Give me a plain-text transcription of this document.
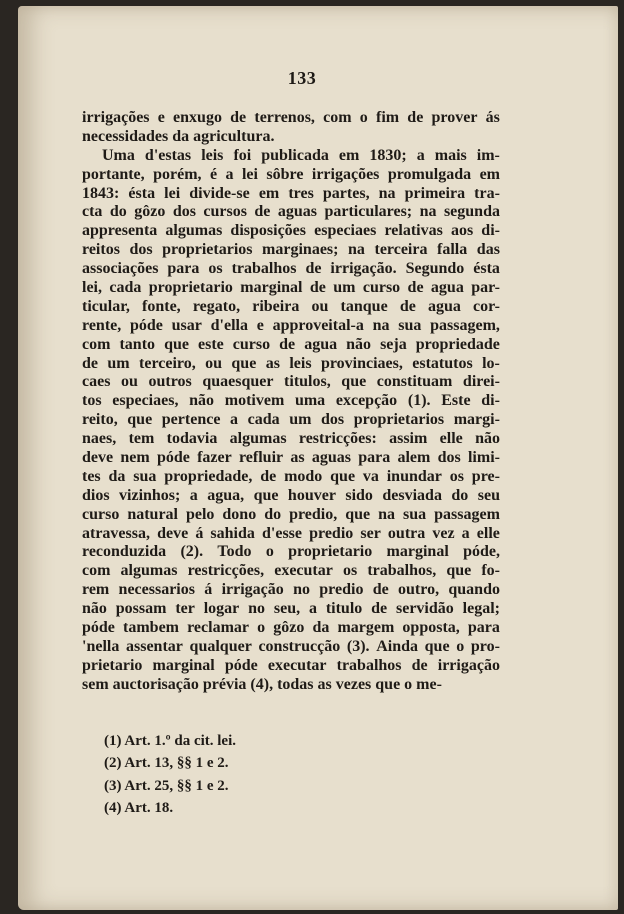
133
irrigações e enxugo de terrenos, com o fim de prover ás
necessidades da agricultura.
Uma d'estas leis foi publicada em 1830; a mais im-
portante, porém, é a lei sôbre irrigações promulgada em
1843: ésta lei divide-se em tres partes, na primeira tra-
cta do gôzo dos cursos de aguas particulares; na segunda
appresenta algumas disposições especiaes relativas aos di-
reitos dos proprietarios marginaes; na terceira falla das
associações para os trabalhos de irrigação. Segundo ésta
lei, cada proprietario marginal de um curso de agua par-
ticular, fonte, regato, ribeira ou tanque de agua cor-
rente, póde usar d'ella e approveital-a na sua passagem,
com tanto que este curso de agua não seja propriedade
de um terceiro, ou que as leis provinciaes, estatutos lo-
caes ou outros quaesquer titulos, que constituam direi-
tos especiaes, não motivem uma excepção (1). Este di-
reito, que pertence a cada um dos proprietarios margi-
naes, tem todavia algumas restricções: assim elle não
deve nem póde fazer refluir as aguas para alem dos limi-
tes da sua propriedade, de modo que va inundar os pre-
dios vizinhos; a agua, que houver sido desviada do seu
curso natural pelo dono do predio, que na sua passagem
atravessa, deve á sahida d'esse predio ser outra vez a elle
reconduzida (2). Todo o proprietario marginal póde,
com algumas restricções, executar os trabalhos, que fo-
rem necessarios á irrigação no predio de outro, quando
não possam ter logar no seu, a titulo de servidão legal;
póde tambem reclamar o gôzo da margem opposta, para
'nella assentar qualquer construcção (3). Ainda que o pro-
prietario marginal póde executar trabalhos de irrigação
sem auctorisação prévia (4), todas as vezes que o me-
(1) Art. 1.º da cit. lei.
(2) Art. 13, §§ 1 e 2.
(3) Art. 25, §§ 1 e 2.
(4) Art. 18.
